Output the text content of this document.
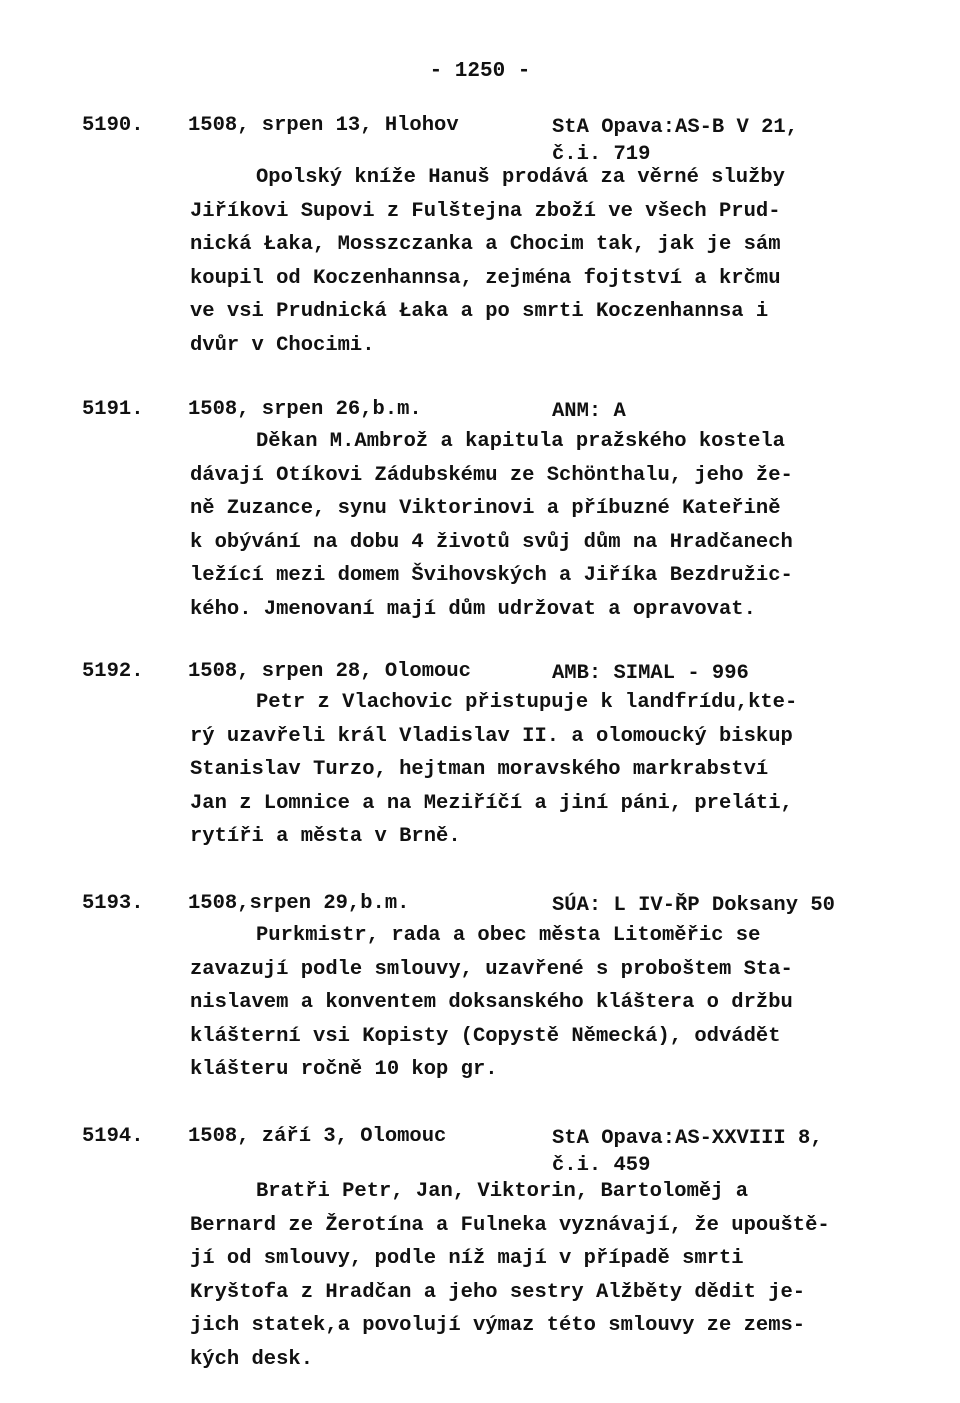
- 1250 -
5190. 1508, srpen 13, Hlohov	StA Opava:AS-B V 21,
č.i. 719
Opolský kníže Hanuš prodává za věrné služby
Jiříkovi Supovi z Fulštejna zboží ve všech Prud-
nická Łaka, Mosszczanka a Chocim tak, jak je sám
koupil od Koczenhannsa, zejména fojtství a krčmu
ve vsi Prudnická Łaka a po smrti Koczenhannsa i
dvůr v Chocimi.
5191. 1508, srpen 26,b.m.	ANM: A
Děkan M.Ambrož a kapitula pražského kostela
dávají Otíkovi Zádubskému ze Schönthalu, jeho že-
ně Zuzance, synu Viktorinovi a příbuzné Kateřině
k obývání na dobu 4 životů svůj dům na Hradčanech
ležící mezi domem Švihovských a Jiříka Bezdružic-
kého. Jmenovaní mají dům udržovat a opravovat.
5192. 1508, srpen 28, Olomouc	AMB: SIMAL - 996
Petr z Vlachovic přistupuje k landfrídu,kte-
rý uzavřeli král Vladislav II. a olomoucký biskup
Stanislav Turzo, hejtman moravského markrabství
Jan z Lomnice a na Meziříčí a jiní páni, preláti,
rytíři a města v Brně.
5193. 1508,srpen 29,b.m.	SÚA: L IV-ŘP Doksany 50
Purkmistr, rada a obec města Litoměřic se
zavazují podle smlouvy, uzavřené s proboštem Sta-
nislavem a konventem doksanského kláštera o držbu
klášterní vsi Kopisty (Copystě Německá), odvádět
klášteru ročně 10 kop gr.
5194. 1508, září 3, Olomouc	StA Opava:AS-XXVIII 8,
č.i. 459
Bratři Petr, Jan, Viktorin, Bartoloměj a
Bernard ze Žerotína a Fulneka vyznávají, že upouště-
jí od smlouvy, podle níž mají v případě smrti
Kryštofa z Hradčan a jeho sestry Alžběty dědit je-
jich statek,a povolují výmaz této smlouvy ze zems-
kých desk.
